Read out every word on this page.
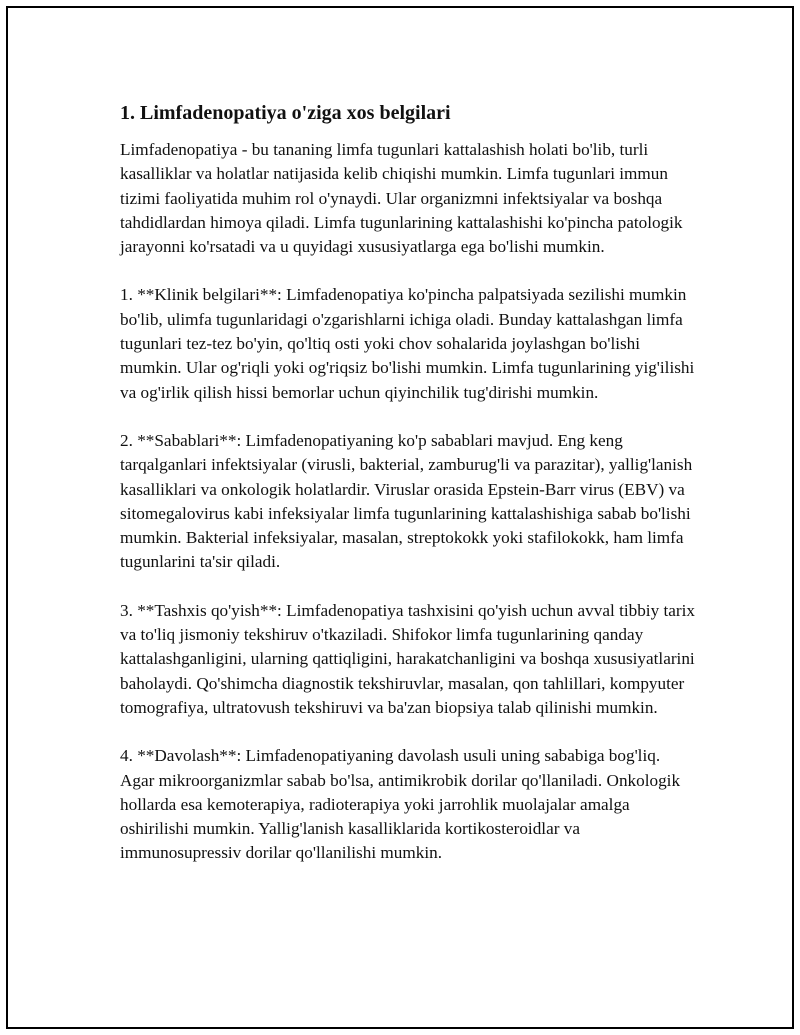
1. Limfadenopatiya o'ziga xos belgilari

Limfadenopatiya - bu tananing limfa tugunlari kattalashish holati bo'lib, turli kasalliklar va holatlar natijasida kelib chiqishi mumkin. Limfa tugunlari immun tizimi faoliyatida muhim rol o'ynaydi. Ular organizmni infektsiyalar va boshqa tahdidlardan himoya qiladi. Limfa tugunlarining kattalashishi ko'pincha patologik jarayonni ko'rsatadi va u quyidagi xususiyatlarga ega bo'lishi mumkin.

1. **Klinik belgilari**: Limfadenopatiya ko'pincha palpatsiyada sezilishi mumkin bo'lib, ulimfa tugunlaridagi o'zgarishlarni ichiga oladi. Bunday kattalashgan limfa tugunlari tez-tez bo'yin, qo'ltiq osti yoki chov sohalarida joylashgan bo'lishi mumkin. Ular og'riqli yoki og'riqsiz bo'lishi mumkin. Limfa tugunlarining yig'ilishi va og'irlik qilish hissi bemorlar uchun qiyinchilik tug'dirishi mumkin.

2. **Sabablari**: Limfadenopatiyaning ko'p sabablari mavjud. Eng keng tarqalganlari infektsiyalar (virusli, bakterial, zamburug'li va parazitar), yallig'lanish kasalliklari va onkologik holatlardir. Viruslar orasida Epstein-Barr virus (EBV) va sitomegalovirus kabi infeksiyalar limfa tugunlarining kattalashishiga sabab bo'lishi mumkin. Bakterial infeksiyalar, masalan, streptokokk yoki stafilokokk, ham limfa tugunlarini ta'sir qiladi.

3. **Tashxis qo'yish**: Limfadenopatiya tashxisini qo'yish uchun avval tibbiy tarix va to'liq jismoniy tekshiruv o'tkaziladi. Shifokor limfa tugunlarining qanday kattalashganligini, ularning qattiqligini, harakatchanligini va boshqa xususiyatlarini baholaydi. Qo'shimcha diagnostik tekshiruvlar, masalan, qon tahlillari, kompyuter tomografiya, ultratovush tekshiruvi va ba'zan biopsiya talab qilinishi mumkin.

4. **Davolash**: Limfadenopatiyaning davolash usuli uning sababiga bog'liq. Agar mikroorganizmlar sabab bo'lsa, antimikrobik dorilar qo'llaniladi. Onkologik hollarda esa kemoterapiya, radioterapiya yoki jarrohlik muolajalar amalga oshirilishi mumkin. Yallig'lanish kasalliklarida kortikosteroidlar va immunosupressiv dorilar qo'llanilishi mumkin.
